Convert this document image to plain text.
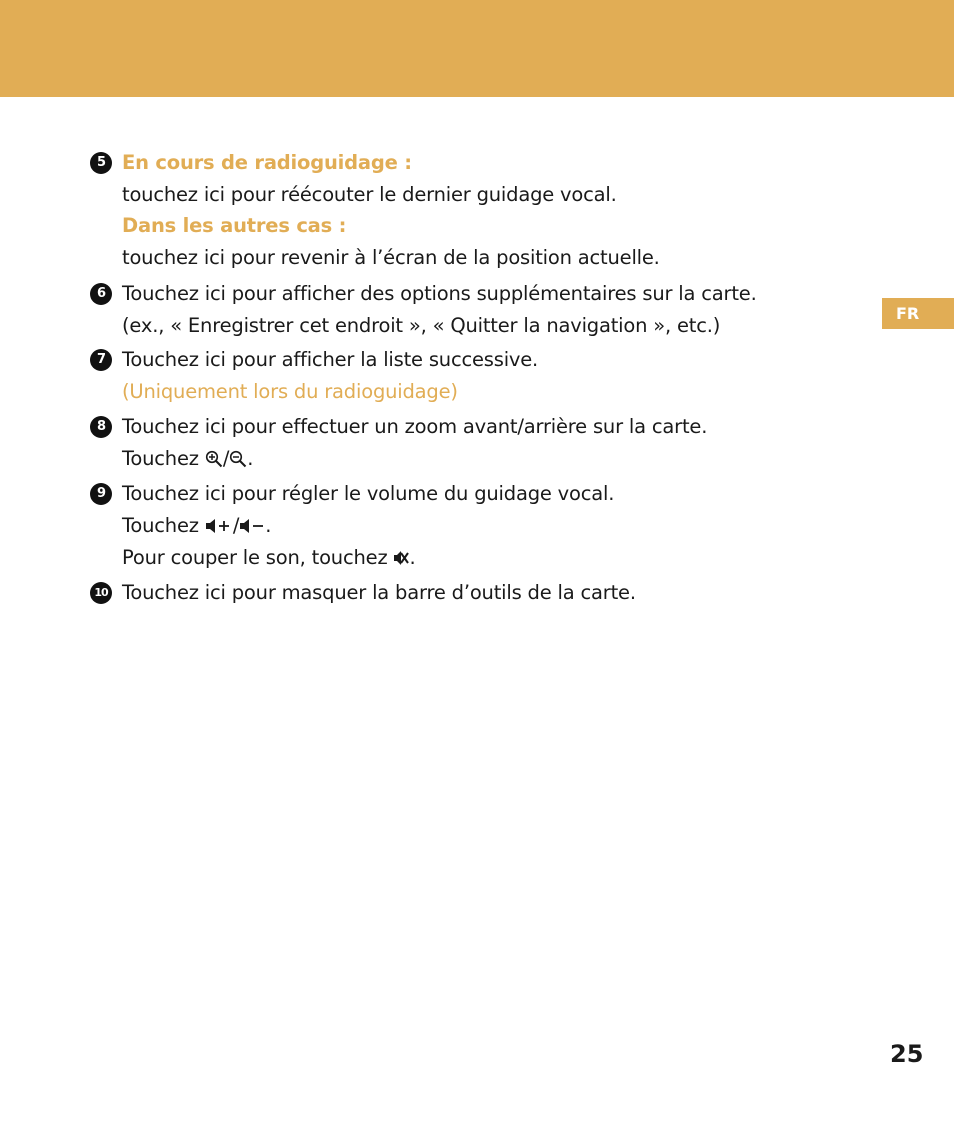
FR
5 En cours de radioguidage :
touchez ici pour réécouter le dernier guidage vocal.
Dans les autres cas :
touchez ici pour revenir à l’écran de la position actuelle.
6 Touchez ici pour afficher des options supplémentaires sur la carte.
(ex., « Enregistrer cet endroit », « Quitter la navigation », etc.)
7 Touchez ici pour afficher la liste successive.
(Uniquement lors du radioguidage)
8 Touchez ici pour effectuer un zoom avant/arrière sur la carte.
Touchez / .
9 Touchez ici pour régler le volume du guidage vocal.
Touchez / .
Pour couper le son, touchez .
10 Touchez ici pour masquer la barre d’outils de la carte.
25
